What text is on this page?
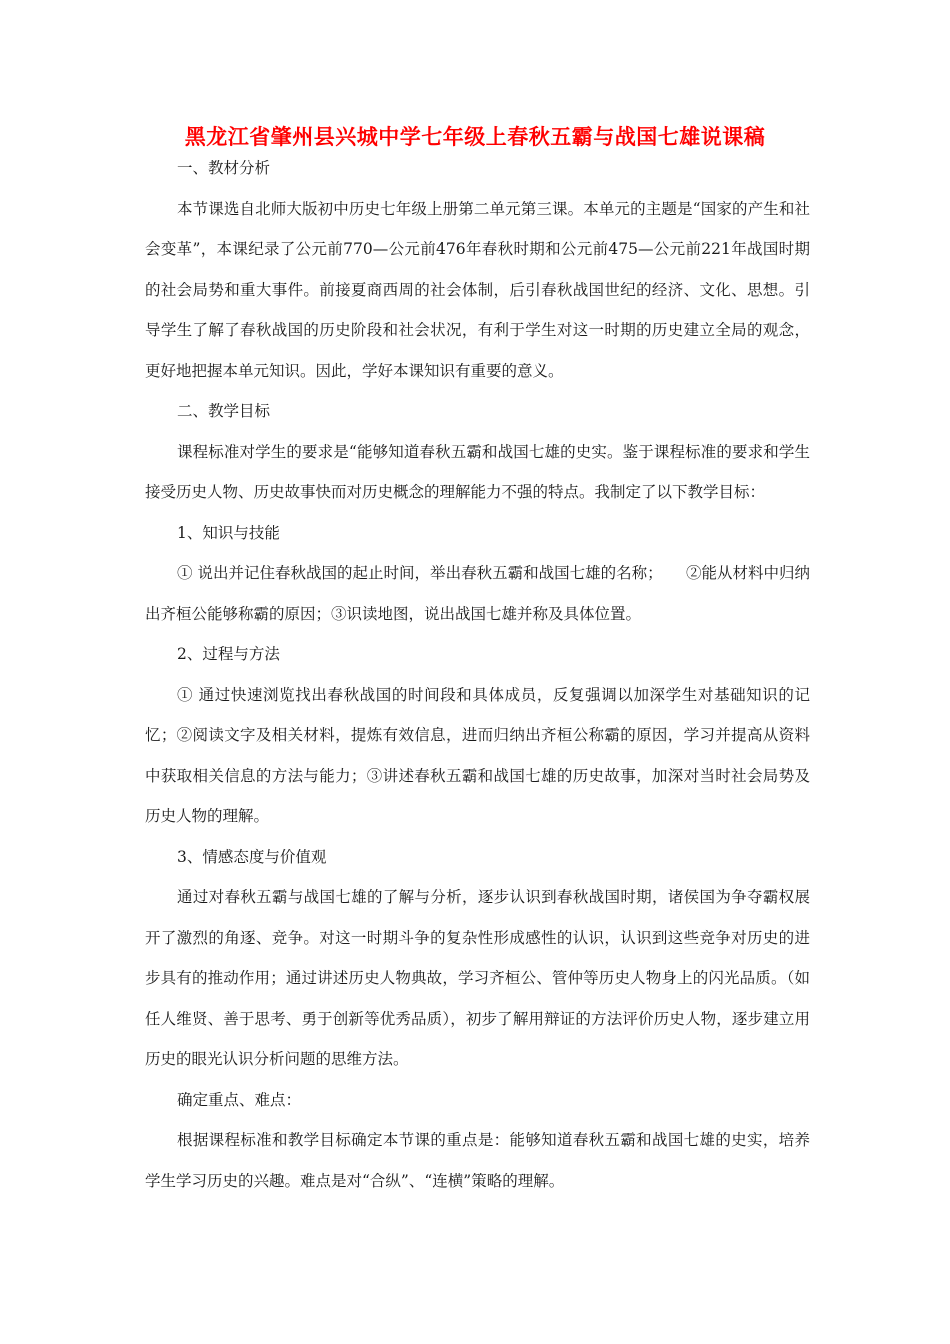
黑龙江省肇州县兴城中学七年级上春秋五霸与战国七雄说课稿

一、教材分析

本节课选自北师大版初中历史七年级上册第二单元第三课。本单元的主题是“国家的产生和社会变革”，本课纪录了公元前770—公元前476年春秋时期和公元前475—公元前221年战国时期的社会局势和重大事件。前接夏商西周的社会体制，后引春秋战国世纪的经济、文化、思想。引导学生了解了春秋战国的历史阶段和社会状况，有利于学生对这一时期的历史建立全局的观念，更好地把握本单元知识。因此，学好本课知识有重要的意义。

二、教学目标

课程标准对学生的要求是“能够知道春秋五霸和战国七雄的史实。鉴于课程标准的要求和学生接受历史人物、历史故事快而对历史概念的理解能力不强的特点。我制定了以下教学目标：

1、知识与技能

① 说出并记住春秋战国的起止时间，举出春秋五霸和战国七雄的名称；　　②能从材料中归纳出齐桓公能够称霸的原因；③识读地图，说出战国七雄并称及具体位置。

2、过程与方法

① 通过快速浏览找出春秋战国的时间段和具体成员，反复强调以加深学生对基础知识的记忆；②阅读文字及相关材料，提炼有效信息，进而归纳出齐桓公称霸的原因，学习并提高从资料中获取相关信息的方法与能力；③讲述春秋五霸和战国七雄的历史故事，加深对当时社会局势及历史人物的理解。

3、情感态度与价值观

通过对春秋五霸与战国七雄的了解与分析，逐步认识到春秋战国时期，诸侯国为争夺霸权展开了激烈的角逐、竞争。对这一时期斗争的复杂性形成感性的认识，认识到这些竞争对历史的进步具有的推动作用；通过讲述历史人物典故，学习齐桓公、管仲等历史人物身上的闪光品质。（如任人维贤、善于思考、勇于创新等优秀品质），初步了解用辩证的方法评价历史人物，逐步建立用历史的眼光认识分析问题的思维方法。

确定重点、难点：

根据课程标准和教学目标确定本节课的重点是：能够知道春秋五霸和战国七雄的史实，培养学生学习历史的兴趣。难点是对“合纵”、“连横”策略的理解。
